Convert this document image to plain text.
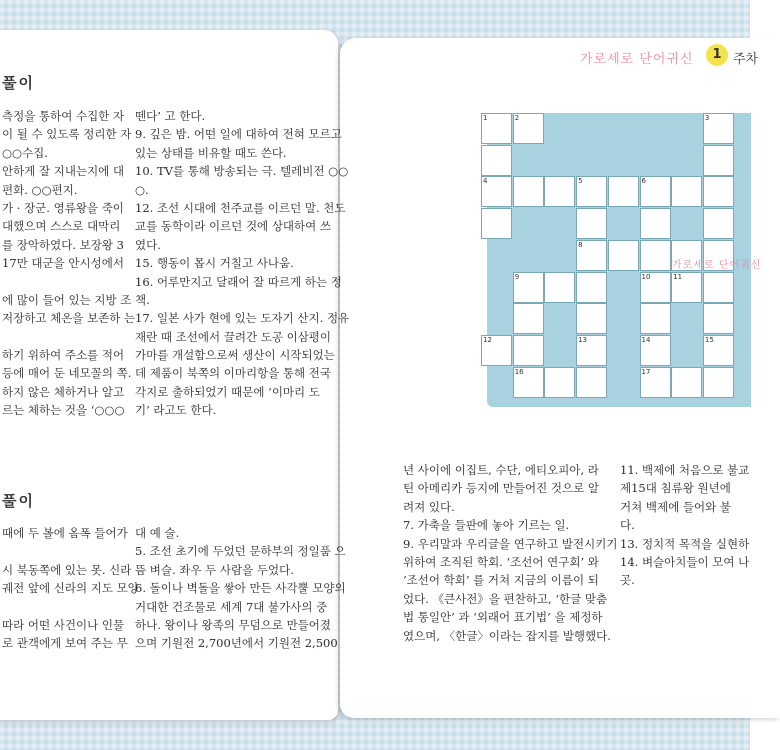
가로세로 단어귀신	1 주차
풀이
풀이
측정을 통하여 수집한 자
이 될 수 있도록 정리한 자
○○수집.
안하게 잘 지내는지에 대
편화. ○○편지.
가 · 장군. 영류왕을 죽이
대했으며 스스로 대막리
를 장악하였다. 보장왕 3
17만 대군을 안시성에서
에 많이 들어 있는 지방 조
저장하고 체온을 보존하 는
하기 위하여 주소를 적어
등에 매어 둔 네모꼴의 쪽.
하지 않은 체하거나 알고
르는 체하는 것을 ‘○○○
뗀다’ 고 한다.
9. 깊은 밤. 어떤 일에 대하여 전혀 모르고
있는 상태를 비유할 때도 쓴다.
10. TV를 통해 방송되는 극. 텔레비전 ○○
○.
12. 조선 시대에 천주교를 이르던 말. 천도
교를 동학이라 이르던 것에 상대하여 쓰
였다.
15. 행동이 몹시 거칠고 사나움.
16. 어루만지고 달래어 잘 따르게 하는 정
책.
17. 일본 사가 현에 있는 도자기 산지. 정유
재란 때 조선에서 끌려간 도공 이삼평이
가마를 개설함으로써 생산이 시작되었는
데 제품이 북쪽의 이마리항을 통해 전국
각지로 출하되었기 때문에 ‘이마리 도
기’ 라고도 한다.
때에 두 볼에 옴폭 들어가
시 북동쪽에 있는 못. 신라
궤전 앞에 신라의 지도 모양
따라 어떤 사건이나 인물
로 관객에게 보여 주는 무
대 예 술.
5. 조선 초기에 두었던 문하부의 정일품 으
뜸 벼슬. 좌우 두 사람을 두었다.
6. 돌이나 벽돌을 쌓아 만든 사각뿔 모양의
거대한 건조물로 세계 7대 불가사의 중
하나. 왕이나 왕족의 무덤으로 만들어졌
으며 기원전 2,700년에서 기원전 2,500
년 사이에 이집트, 수단, 에티오피아, 라
틴 아메리카 등지에 만들어진 것으로 알
려져 있다.
7. 가축을 들판에 놓아 기르는 일.
9. 우리말과 우리글을 연구하고 발전시키기
위하여 조직된 학회. ‘조선어 연구회’ 와
‘조선어 학회’ 를 거쳐 지금의 이름이 되
었다. 《큰사전》을 편찬하고, ‘한글 맞춤
법 통일안’ 과 ‘외래어 표기법’ 을 제정하
였으며, 〈한글〉이라는 잡지를 발행했다.
11. 백제에 처음으로 불교
제15대 침류왕 원년에
거쳐 백제에 들어와 불
다.
13. 정치적 목적을 실현하
14. 벼슬아치들이 모여 나
곳.
1	2	3
4	5	6
8
9	10	11
12	13	14	15
16	17
가로세로 단어귀신
